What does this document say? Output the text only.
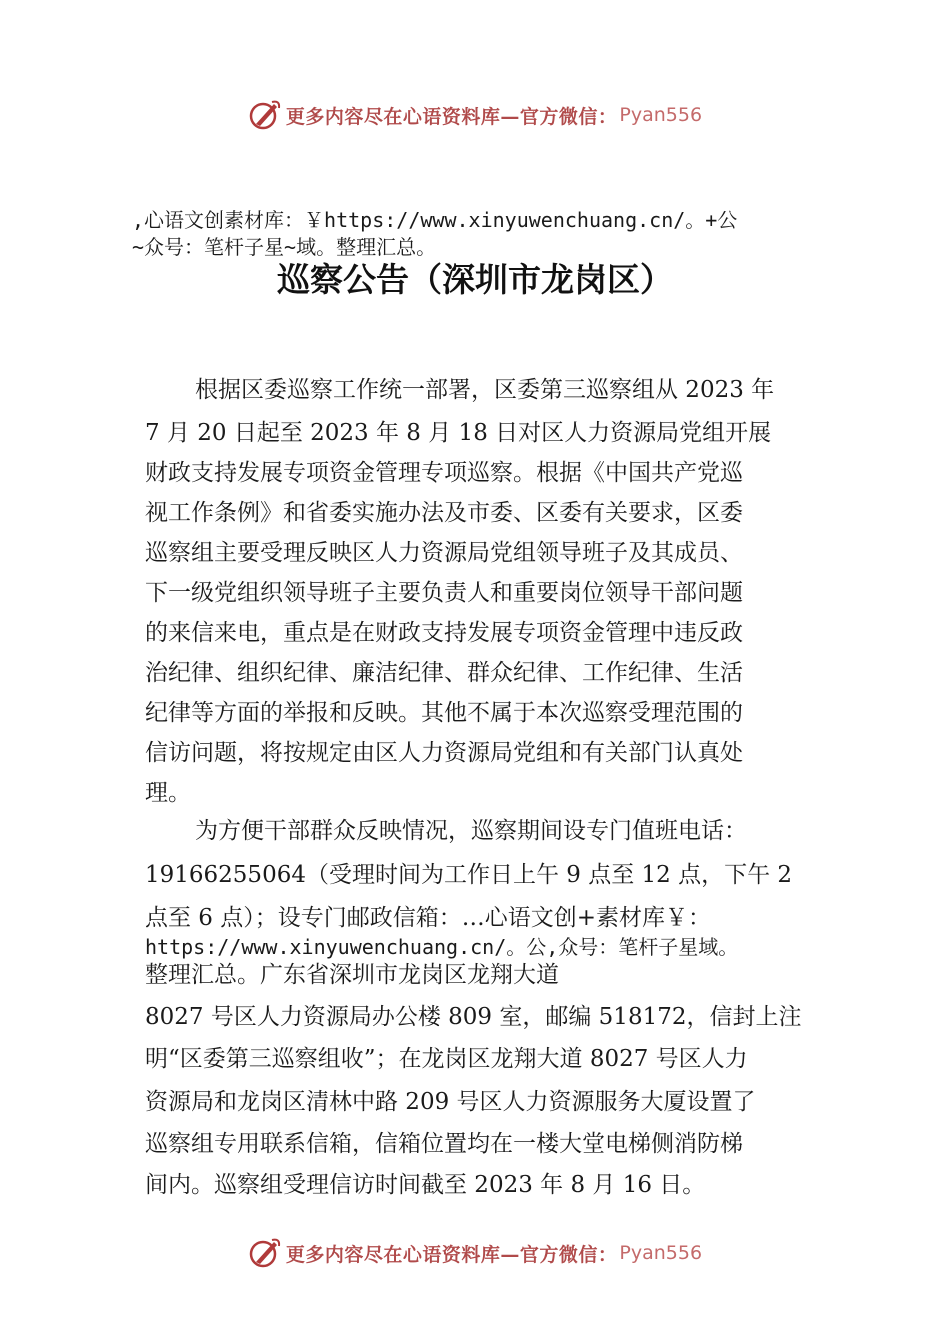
更多内容尽在心语资料库—官方微信： Pyan556
,心语文创素材库：￥https://www.xinyuwenchuang.cn/。+公
~众号：笔杆子星~域。整理汇总。
巡察公告（深圳市龙岗区）
根据区委巡察工作统一部署，区委第三巡察组从 2023 年
7 月 20 日起至 2023 年 8 月 18 日对区人力资源局党组开展
财政支持发展专项资金管理专项巡察。根据《中国共产党巡
视工作条例》和省委实施办法及市委、区委有关要求，区委
巡察组主要受理反映区人力资源局党组领导班子及其成员、
下一级党组织领导班子主要负责人和重要岗位领导干部问题
的来信来电，重点是在财政支持发展专项资金管理中违反政
治纪律、组织纪律、廉洁纪律、群众纪律、工作纪律、生活
纪律等方面的举报和反映。其他不属于本次巡察受理范围的
信访问题，将按规定由区人力资源局党组和有关部门认真处
理。
为方便干部群众反映情况，巡察期间设专门值班电话：
19166255064（受理时间为工作日上午 9 点至 12 点，下午 2
点至 6 点）；设专门邮政信箱：…心语文创+素材库￥：
https://www.xinyuwenchuang.cn/。公,众号：笔杆子星域。
整理汇总。广东省深圳市龙岗区龙翔大道
8027 号区人力资源局办公楼 809 室，邮编 518172，信封上注
明“区委第三巡察组收”；在龙岗区龙翔大道 8027 号区人力
资源局和龙岗区清林中路 209 号区人力资源服务大厦设置了
巡察组专用联系信箱，信箱位置均在一楼大堂电梯侧消防梯
间内。巡察组受理信访时间截至 2023 年 8 月 16 日。
更多内容尽在心语资料库—官方微信： Pyan556
